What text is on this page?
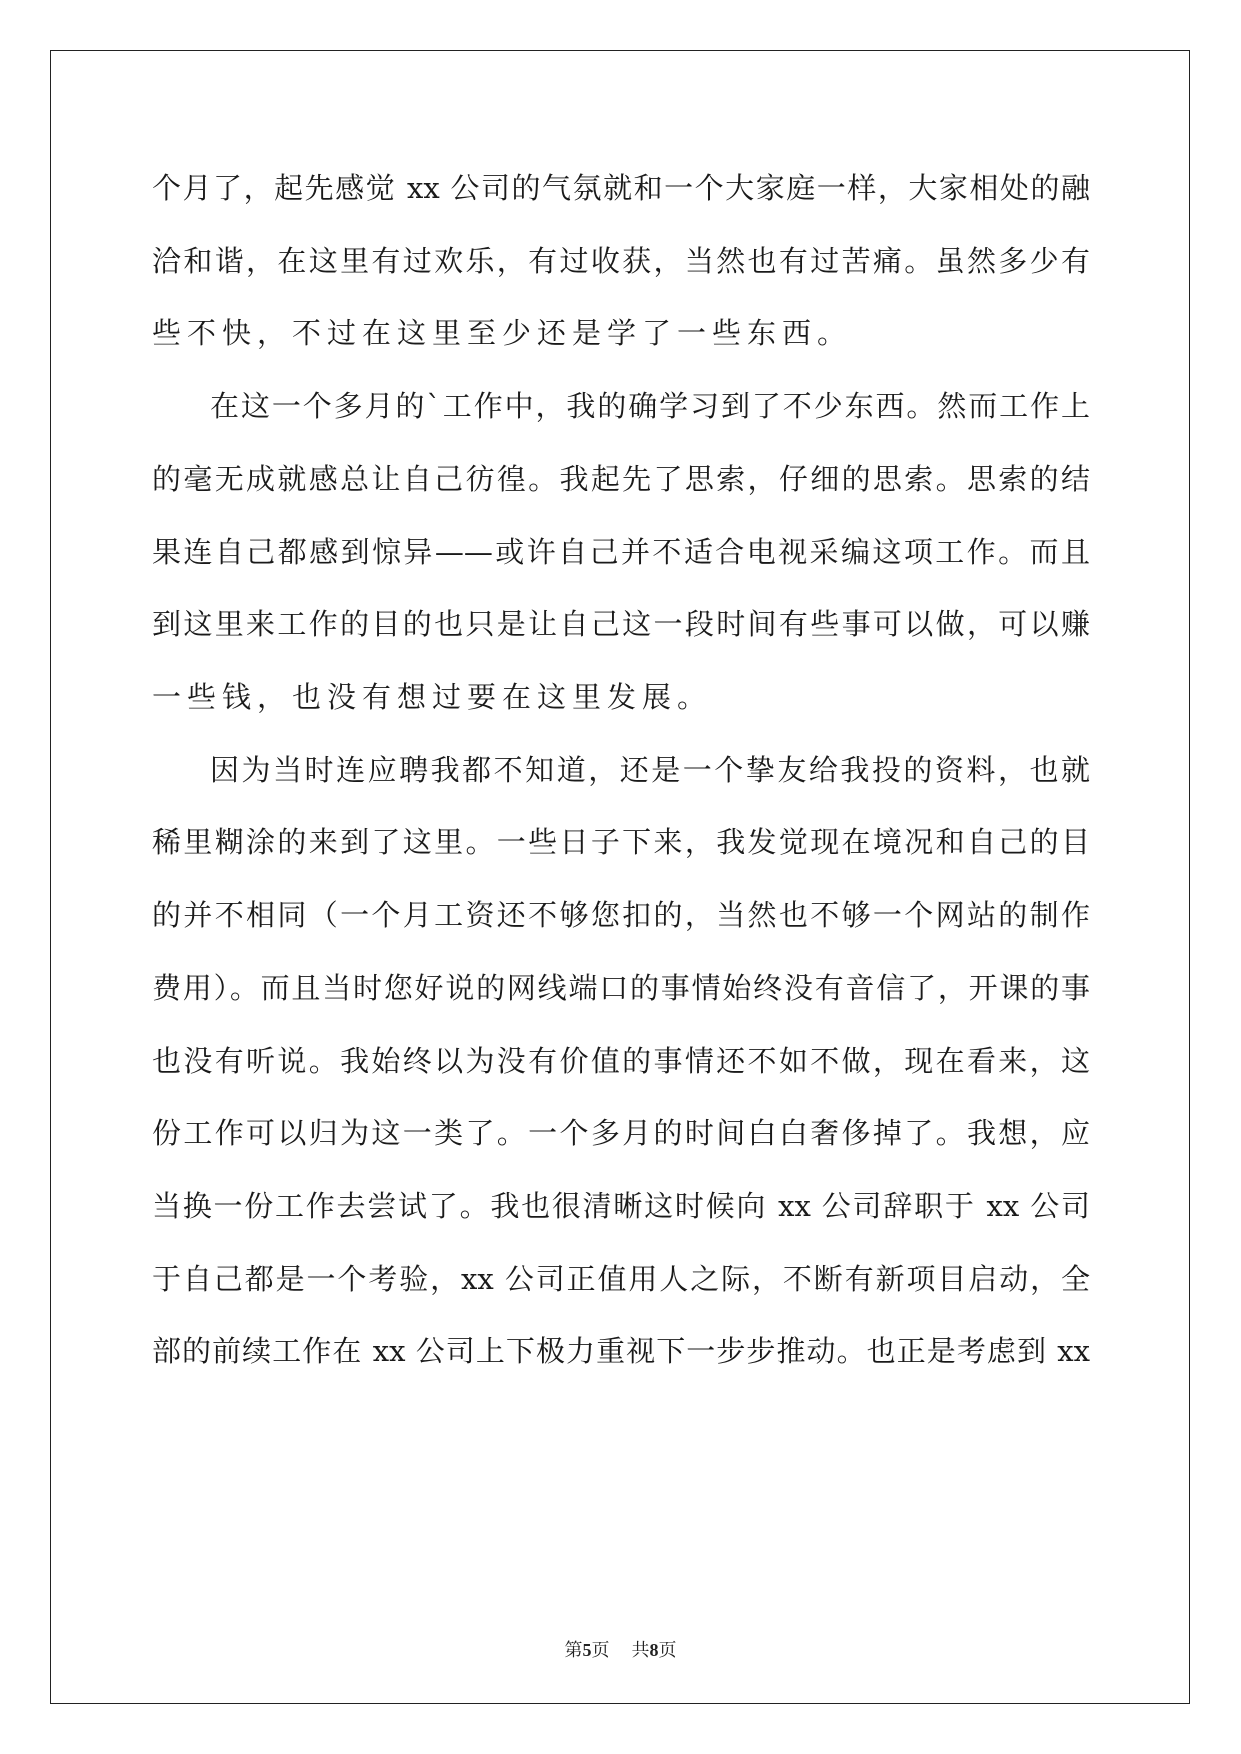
个月了，起先感觉 xx 公司的气氛就和一个大家庭一样，大家相处的融
洽和谐，在这里有过欢乐，有过收获，当然也有过苦痛。虽然多少有
些不快，不过在这里至少还是学了一些东西。
在这一个多月的`工作中，我的确学习到了不少东西。然而工作上
的毫无成就感总让自己彷徨。我起先了思索，仔细的思索。思索的结
果连自己都感到惊异——或许自己并不适合电视采编这项工作。而且
到这里来工作的目的也只是让自己这一段时间有些事可以做，可以赚
一些钱，也没有想过要在这里发展。
因为当时连应聘我都不知道，还是一个挚友给我投的资料，也就
稀里糊涂的来到了这里。一些日子下来，我发觉现在境况和自己的目
的并不相同（一个月工资还不够您扣的，当然也不够一个网站的制作
费用）。而且当时您好说的网线端口的事情始终没有音信了，开课的事
也没有听说。我始终以为没有价值的事情还不如不做，现在看来，这
份工作可以归为这一类了。一个多月的时间白白奢侈掉了。我想，应
当换一份工作去尝试了。我也很清晰这时候向 xx 公司辞职于 xx 公司
于自己都是一个考验，xx 公司正值用人之际，不断有新项目启动，全
部的前续工作在 xx 公司上下极力重视下一步步推动。也正是考虑到 xx
第5页 共8页
